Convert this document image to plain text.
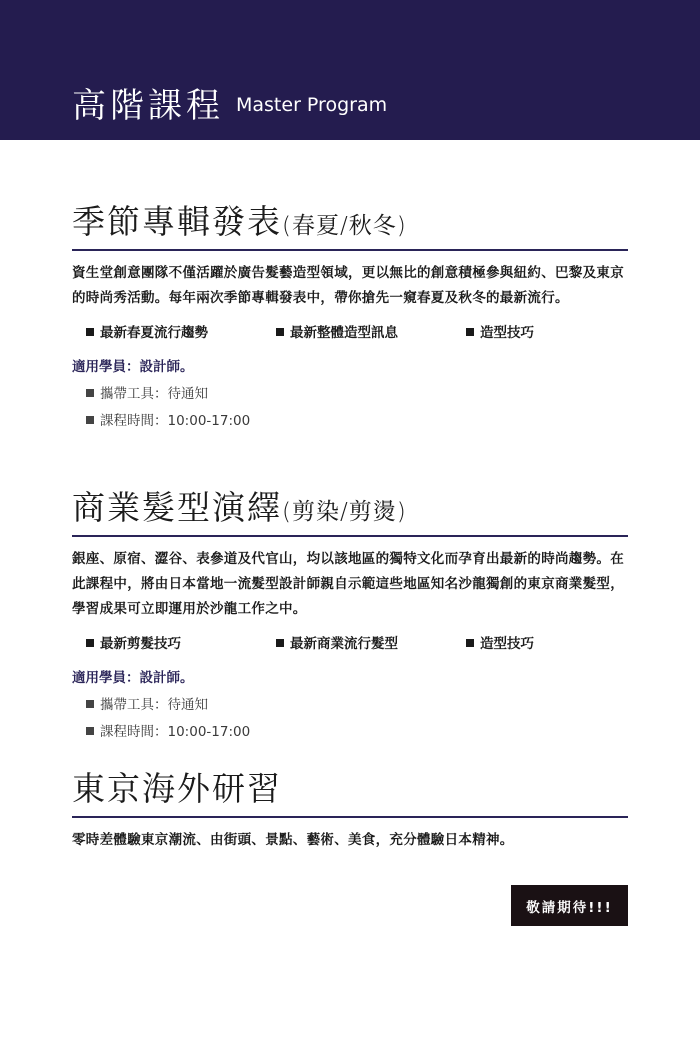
高階課程 Master Program
季節專輯發表(春夏/秋冬)
資生堂創意團隊不僅活躍於廣告髮藝造型領域，更以無比的創意積極參與紐約、巴黎及東京的時尚秀活動。每年兩次季節專輯發表中，帶你搶先一窺春夏及秋冬的最新流行。
最新春夏流行趨勢	最新整體造型訊息	造型技巧
適用學員：設計師。
攜帶工具：待通知
課程時間：10:00-17:00
商業髮型演繹(剪染/剪燙)
銀座、原宿、澀谷、表參道及代官山，均以該地區的獨特文化而孕育出最新的時尚趨勢。在此課程中，將由日本當地一流髮型設計師親自示範這些地區知名沙龍獨創的東京商業髮型，學習成果可立即運用於沙龍工作之中。
最新剪髮技巧	最新商業流行髮型	造型技巧
適用學員：設計師。
攜帶工具：待通知
課程時間：10:00-17:00
東京海外研習
零時差體驗東京潮流、由街頭、景點、藝術、美食，充分體驗日本精神。
敬請期待!!!
